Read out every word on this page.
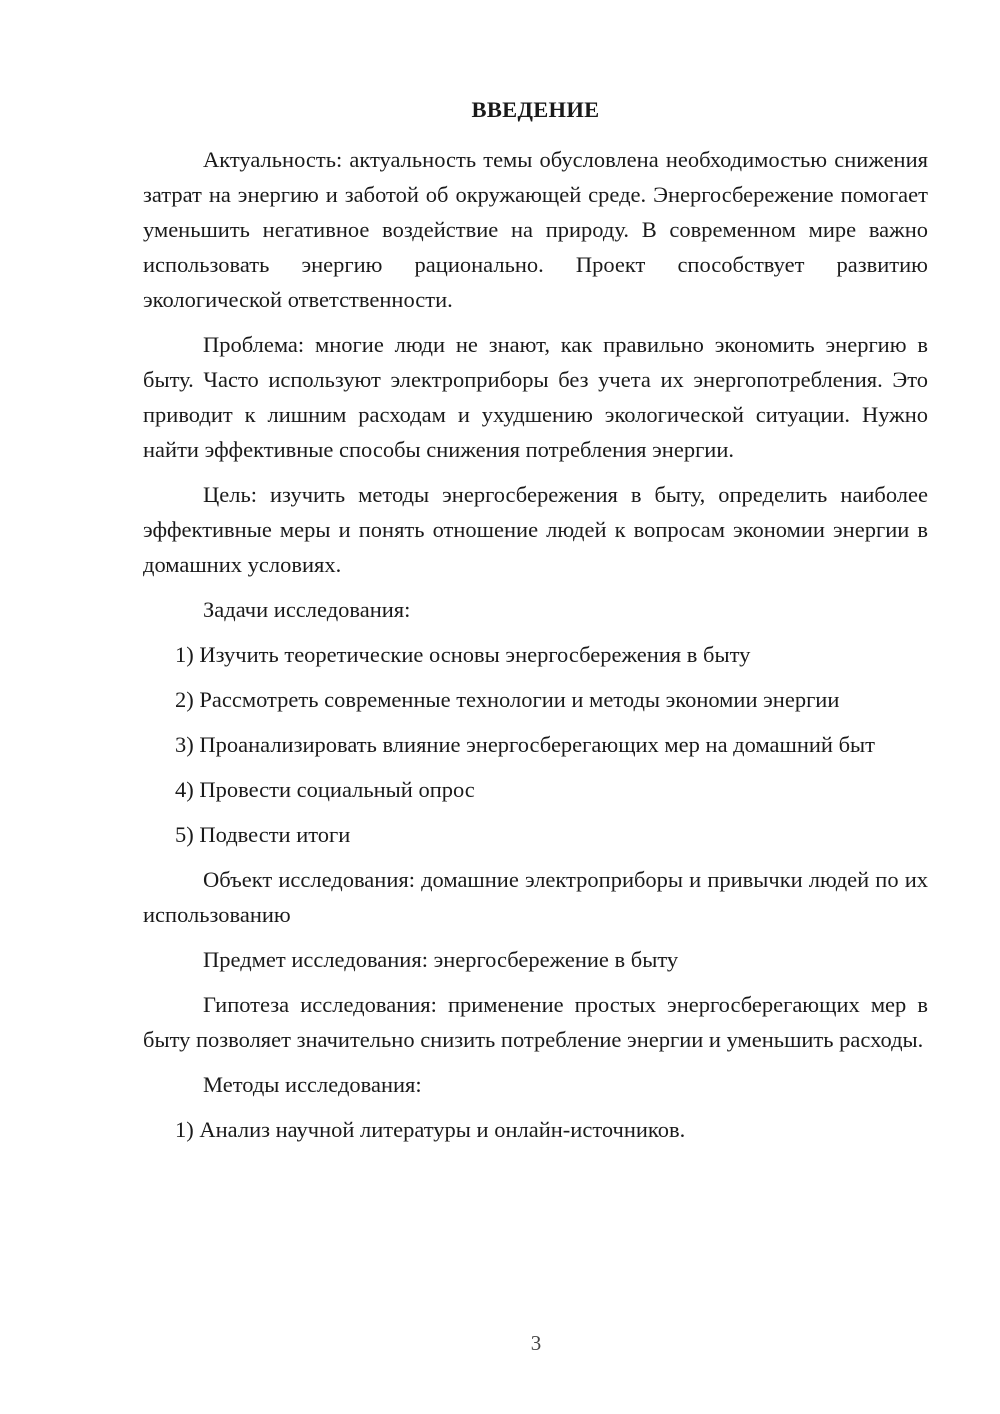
ВВЕДЕНИЕ

Актуальность: актуальность темы обусловлена необходимостью снижения затрат на энергию и заботой об окружающей среде. Энергосбережение помогает уменьшить негативное воздействие на природу. В современном мире важно использовать энергию рационально. Проект способствует развитию экологической ответственности.

Проблема: многие люди не знают, как правильно экономить энергию в быту. Часто используют электроприборы без учета их энергопотребления. Это приводит к лишним расходам и ухудшению экологической ситуации. Нужно найти эффективные способы снижения потребления энергии.

Цель: изучить методы энергосбережения в быту, определить наиболее эффективные меры и понять отношение людей к вопросам экономии энергии в домашних условиях.

Задачи исследования:

1) Изучить теоретические основы энергосбережения в быту

2) Рассмотреть современные технологии и методы экономии энергии

3) Проанализировать влияние энергосберегающих мер на домашний быт

4) Провести социальный опрос

5) Подвести итоги

Объект исследования: домашние электроприборы и привычки людей по их использованию

Предмет исследования: энергосбережение в быту

Гипотеза исследования: применение простых энергосберегающих мер в быту позволяет значительно снизить потребление энергии и уменьшить расходы.

Методы исследования:

1) Анализ научной литературы и онлайн-источников.

3
